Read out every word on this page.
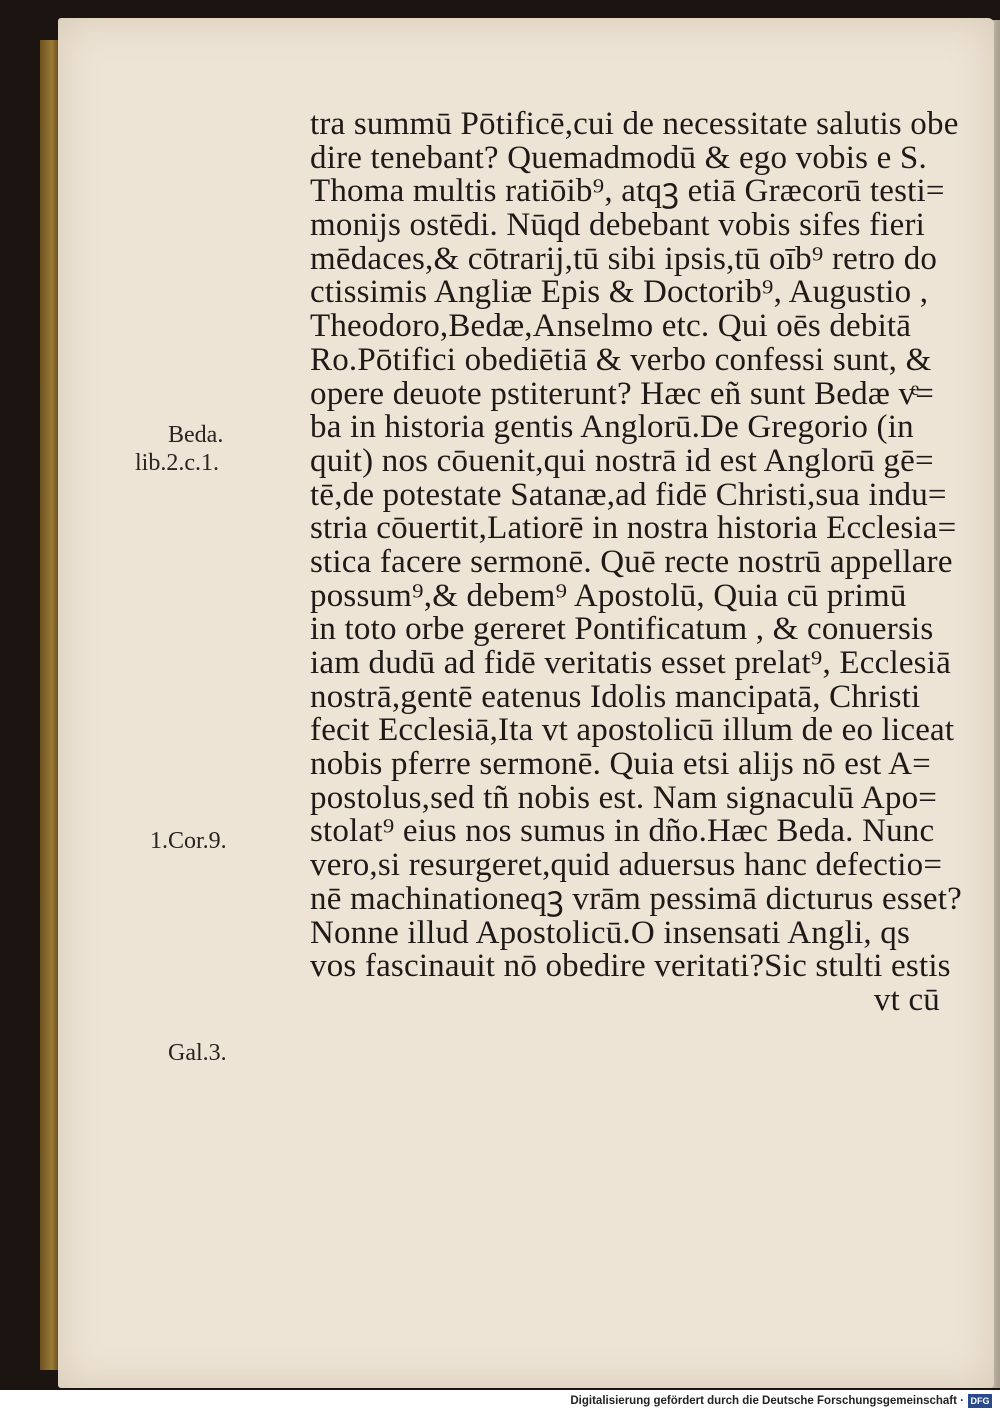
tra summū Pōtificē,cui de necessitate salutis obe
dire tenebant? Quemadmodū & ego vobis e S.
Thoma multis ratiōib⁹, atqꝫ etiā Græcorū testi=
monijs ostēdi. Nūqd debebant vobis sifes fieri
mēdaces,& cōtrarij,tū sibi ipsis,tū oīb⁹ retro do
ctissimis Angliæ Epis & Doctorib⁹, Augustio ,
Theodoro,Bedæ,Anselmo etc. Qui oēs debitā
Ro.Pōtifici obediētiā & verbo confessi sunt, &
opere deuote pstiterunt? Hæc eñ sunt Bedæ vͤ=
ba in historia gentis Anglorū.De Gregorio (in
quit) nos cōuenit,qui nostrā id est Anglorū gē=
tē,de potestate Satanæ,ad fidē Christi,sua indu=
stria cōuertit,Latiorē in nostra historia Ecclesia=
stica facere sermonē. Quē recte nostrū appellare
possum⁹,& debem⁹ Apostolū, Quia cū primū
in toto orbe gereret Pontificatum , & conuersis
iam dudū ad fidē veritatis esset prelat⁹, Ecclesiā
nostrā,gentē eatenus Idolis mancipatā, Christi
fecit Ecclesiā,Ita vt apostolicū illum de eo liceat
nobis pferre sermonē. Quia etsi alijs nō est A=
postolus,sed tñ nobis est. Nam signaculū Apo=
stolat⁹ eius nos sumus in dño.Hæc Beda. Nunc
vero,si resurgeret,quid aduersus hanc defectio=
nē machinationeqꝫ vrām pessimā dicturus esset?
Nonne illud Apostolicū.O insensati Angli, qs
vos fascinauit nō obedire veritati?Sic stulti estis
vt cū
Beda.
lib.2.c.1.
1.Cor.9.
Gal.3.
Digitalisierung gefördert durch die Deutsche Forschungsgemeinschaft · DFG
